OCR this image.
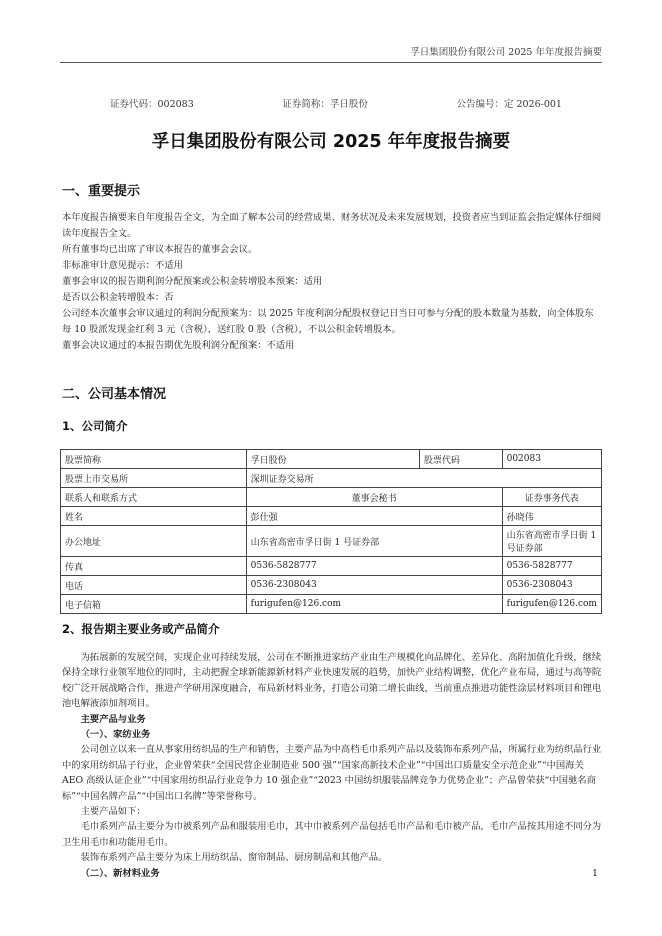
孚日集团股份有限公司 2025 年年度报告摘要
证券代码：002083	证券简称：孚日股份	公告编号：定 2026-001
孚日集团股份有限公司 2025 年年度报告摘要
一、重要提示

本年度报告摘要来自年度报告全文，为全面了解本公司的经营成果、财务状况及未来发展规划，投资者应当到证监会指定媒体仔细阅读年度报告全文。

所有董事均已出席了审议本报告的董事会会议。

非标准审计意见提示：不适用

董事会审议的报告期利润分配预案或公积金转增股本预案：适用

是否以公积金转增股本：否

公司经本次董事会审议通过的利润分配预案为：以 2025 年度利润分配股权登记日当日可参与分配的股本数量为基数，向全体股东每 10 股派发现金红利 3 元（含税），送红股 0 股（含税），不以公积金转增股本。

董事会决议通过的本报告期优先股利润分配预案：不适用

二、公司基本情况
1、公司简介
股票简称	孚日股份	股票代码	002083
股票上市交易所	深圳证券交易所		
联系人和联系方式	董事会秘书		证券事务代表
姓名	彭仕强		孙晓伟
办公地址	山东省高密市孚日街 1 号证券部		山东省高密市孚日街 1 号证券部
传真	0536-5828777		0536-5828777
电话	0536-2308043		0536-2308043
电子信箱	furigufen@126.com		furigufen@126.com
2、报告期主要业务或产品简介

为拓展新的发展空间，实现企业可持续发展，公司在不断推进家纺产业由生产规模化向品牌化、差异化、高附加值化升级，继续保持全球行业领军地位的同时，主动把握全球新能源新材料产业快速发展的趋势，加快产业结构调整，优化产业布局，通过与高等院校广泛开展战略合作，推进产学研用深度融合，布局新材料业务，打造公司第二增长曲线，当前重点推进功能性涂层材料项目和锂电池电解液添加剂项目。

主要产品与业务

（一）、家纺业务

公司创立以来一直从事家用纺织品的生产和销售，主要产品为中高档毛巾系列产品以及装饰布系列产品，所属行业为纺织品行业中的家用纺织品子行业，企业曾荣获“全国民营企业制造业 500 强”“国家高新技术企业”“中国出口质量安全示范企业”“中国海关 AEO 高级认证企业”“中国家用纺织品行业竞争力 10 强企业”“2023 中国纺织服装品牌竞争力优势企业”；产品曾荣获“中国驰名商标”“中国名牌产品”“中国出口名牌”等荣誉称号。

主要产品如下：

毛巾系列产品主要分为巾被系列产品和服装用毛巾，其中巾被系列产品包括毛巾产品和毛巾被产品，毛巾产品按其用途不同分为卫生用毛巾和功能用毛巾。

装饰布系列产品主要分为床上用纺织品、窗帘制品、厨房制品和其他产品。

（二）、新材料业务	1
